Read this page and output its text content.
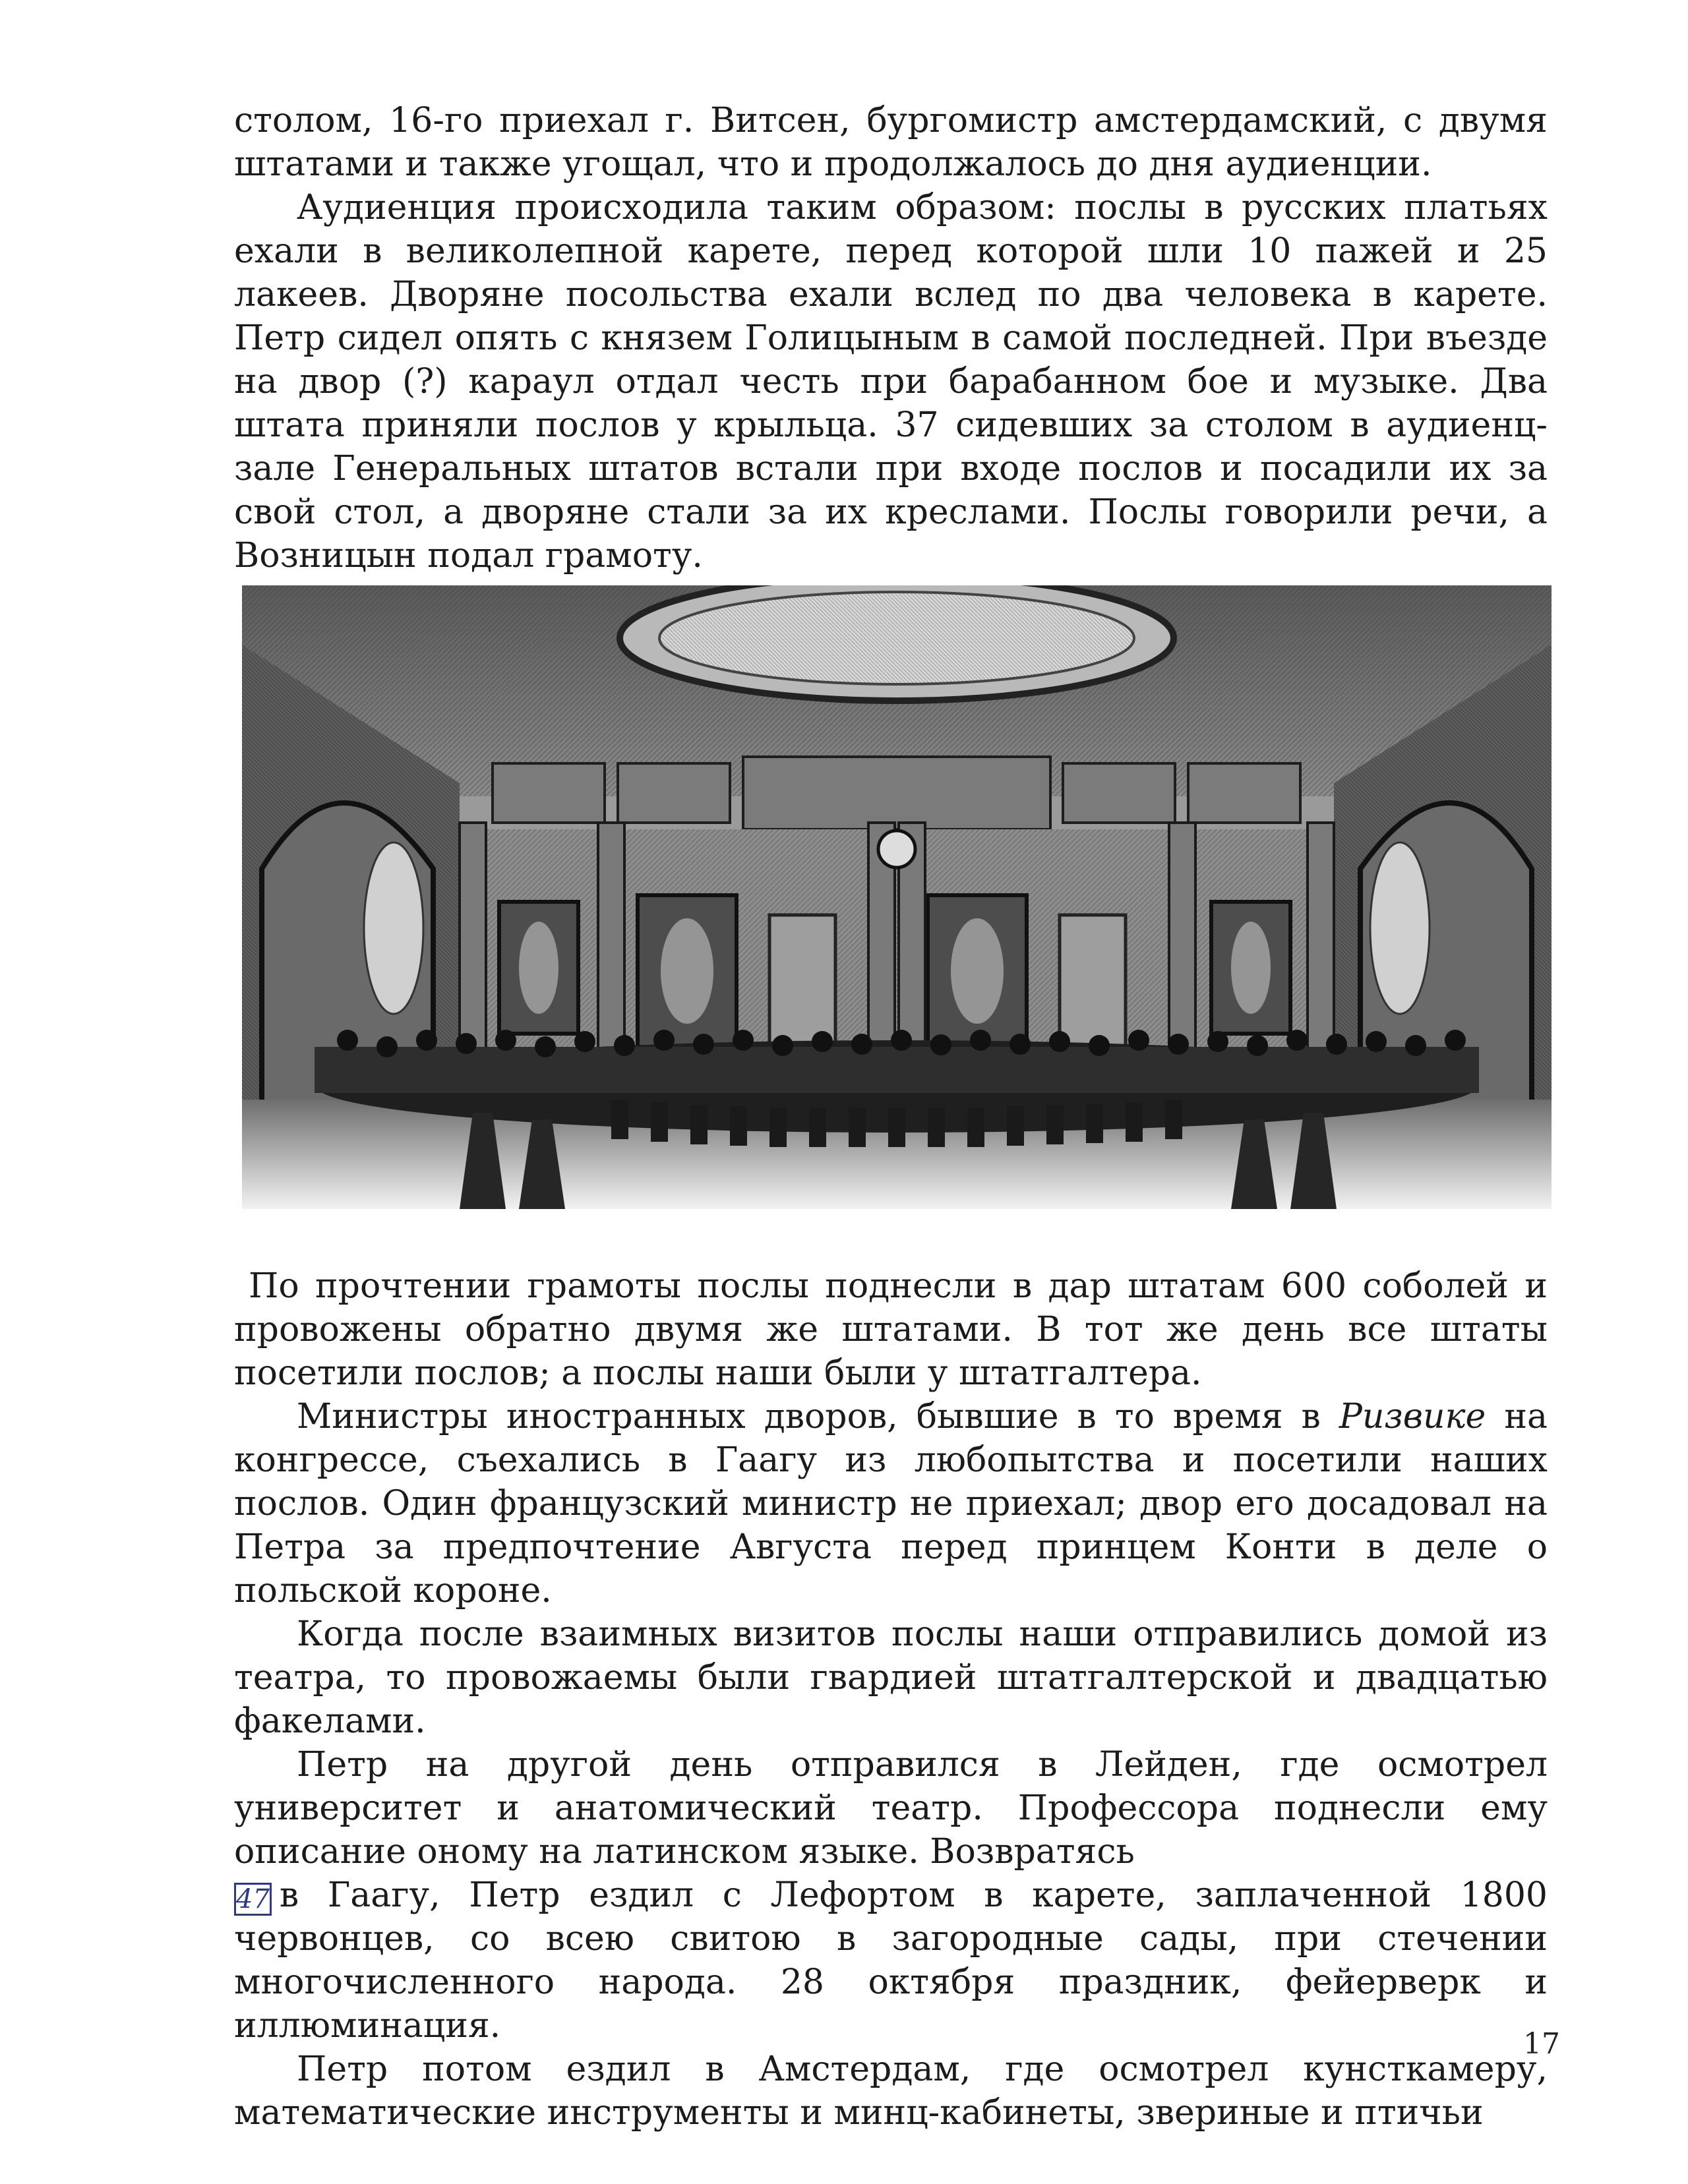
столом, 16-го приехал г. Витсен, бургомистр амстердамский, с двумя штатами и также угощал, что и продолжалось до дня аудиенции.

Аудиенция происходила таким образом: послы в русских платьях ехали в великолепной карете, перед которой шли 10 пажей и 25 лакеев. Дворяне посольства ехали вслед по два человека в карете. Петр сидел опять с князем Голицыным в самой последней. При въезде на двор (?) караул отдал честь при барабанном бое и музыке. Два штата приняли послов у крыльца. 37 сидевших за столом в аудиенц-зале Генеральных штатов встали при входе послов и посадили их за свой стол, а дворяне стали за их креслами. Послы говорили речи, а Возницын подал грамоту.

По прочтении грамоты послы поднесли в дар штатам 600 соболей и провожены обратно двумя же штатами. В тот же день все штаты посетили послов; а послы наши были у штатгалтера.

Министры иностранных дворов, бывшие в то время в Ризвике на конгрессе, съехались в Гаагу из любопытства и посетили наших послов. Один французский министр не приехал; двор его досадовал на Петра за предпочтение Августа перед принцем Конти в деле о польской короне.

Когда после взаимных визитов послы наши отправились домой из театра, то провожаемы были гвардией штатгалтерской и двадцатью факелами.

Петр на другой день отправился в Лейден, где осмотрел университет и анатомический театр. Профессора поднесли ему описание оному на латинском языке. Возвратясь

47 в Гаагу, Петр ездил с Лефортом в карете, заплаченной 1800 червонцев, со всею свитою в загородные сады, при стечении многочисленного народа. 28 октября праздник, фейерверк и иллюминация.

Петр потом ездил в Амстердам, где осмотрел кунсткамеру, математические инструменты и минц-кабинеты, звериные и птичьи

17
